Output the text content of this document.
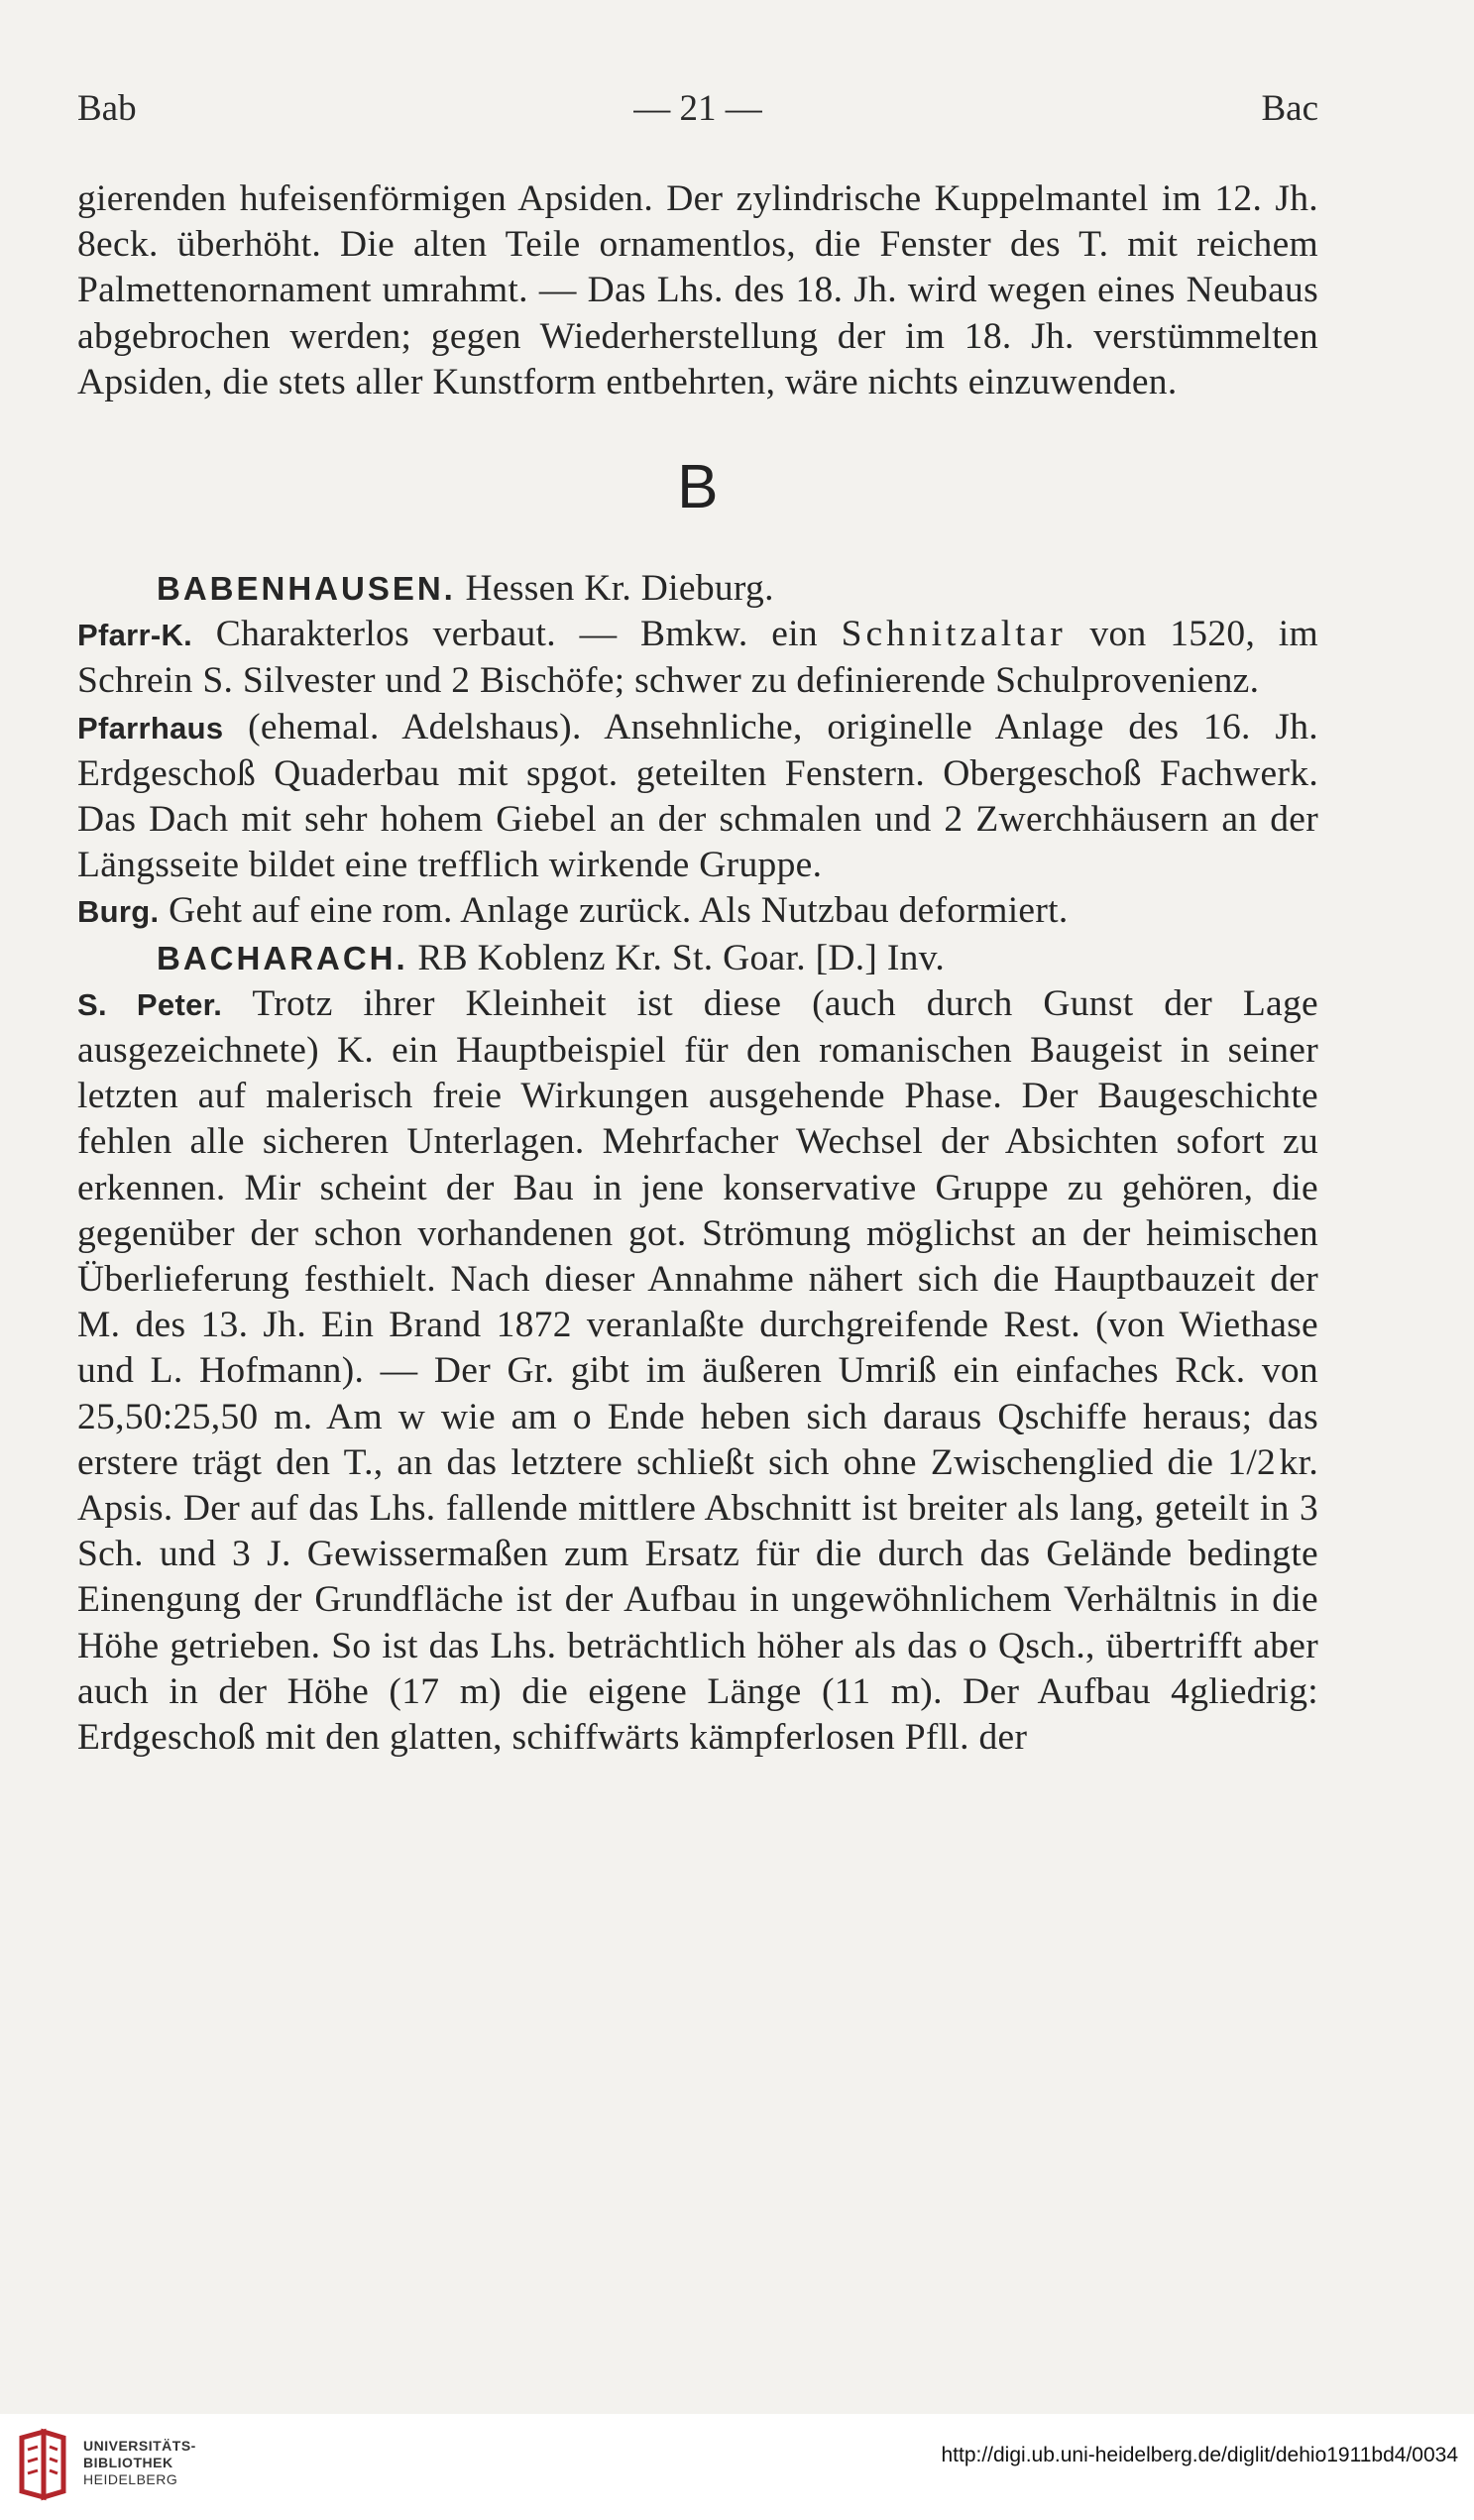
Bab	— 21 —	Bac

gierenden hufeisenförmigen Apsiden. Der zylindrische Kuppelmantel im 12. Jh. 8eck. überhöht. Die alten Teile ornamentlos, die Fenster des T. mit reichem Palmettenornament umrahmt. — Das Lhs. des 18. Jh. wird wegen eines Neubaus abgebrochen werden; gegen Wiederherstellung der im 18. Jh. verstümmelten Apsiden, die stets aller Kunstform entbehrten, wäre nichts einzuwenden.

B

BABENHAUSEN. Hessen Kr. Dieburg.

Pfarr-K. Charakterlos verbaut. — Bmkw. ein Schnitzaltar von 1520, im Schrein S. Silvester und 2 Bischöfe; schwer zu definierende Schulprovenienz.

Pfarrhaus (ehemal. Adelshaus). Ansehnliche, originelle Anlage des 16. Jh. Erdgeschoß Quaderbau mit spgot. geteilten Fenstern. Obergeschoß Fachwerk. Das Dach mit sehr hohem Giebel an der schmalen und 2 Zwerchhäusern an der Längsseite bildet eine trefflich wirkende Gruppe.

Burg. Geht auf eine rom. Anlage zurück. Als Nutzbau deformiert.

BACHARACH. RB Koblenz Kr. St. Goar. [D.] Inv.

S. Peter. Trotz ihrer Kleinheit ist diese (auch durch Gunst der Lage ausgezeichnete) K. ein Hauptbeispiel für den romanischen Baugeist in seiner letzten auf malerisch freie Wirkungen ausgehende Phase. Der Baugeschichte fehlen alle sicheren Unterlagen. Mehrfacher Wechsel der Absichten sofort zu erkennen. Mir scheint der Bau in jene konservative Gruppe zu gehören, die gegenüber der schon vorhandenen got. Strömung möglichst an der heimischen Überlieferung festhielt. Nach dieser Annahme nähert sich die Hauptbauzeit der M. des 13. Jh. Ein Brand 1872 veranlaßte durchgreifende Rest. (von Wiethase und L. Hofmann). — Der Gr. gibt im äußeren Umriß ein einfaches Rck. von 25,50:25,50 m. Am w wie am o Ende heben sich daraus Qschiffe heraus; das erstere trägt den T., an das letztere schließt sich ohne Zwischenglied die 1/2 kr. Apsis. Der auf das Lhs. fallende mittlere Abschnitt ist breiter als lang, geteilt in 3 Sch. und 3 J. Gewissermaßen zum Ersatz für die durch das Gelände bedingte Einengung der Grundfläche ist der Aufbau in ungewöhnlichem Verhältnis in die Höhe getrieben. So ist das Lhs. beträchtlich höher als das o Qsch., übertrifft aber auch in der Höhe (17 m) die eigene Länge (11 m). Der Aufbau 4gliedrig: Erdgeschoß mit den glatten, schiffwärts kämpferlosen Pfll. der

UNIVERSITÄTS-
BIBLIOTHEK
HEIDELBERG
http://digi.ub.uni-heidelberg.de/diglit/dehio1911bd4/0034
